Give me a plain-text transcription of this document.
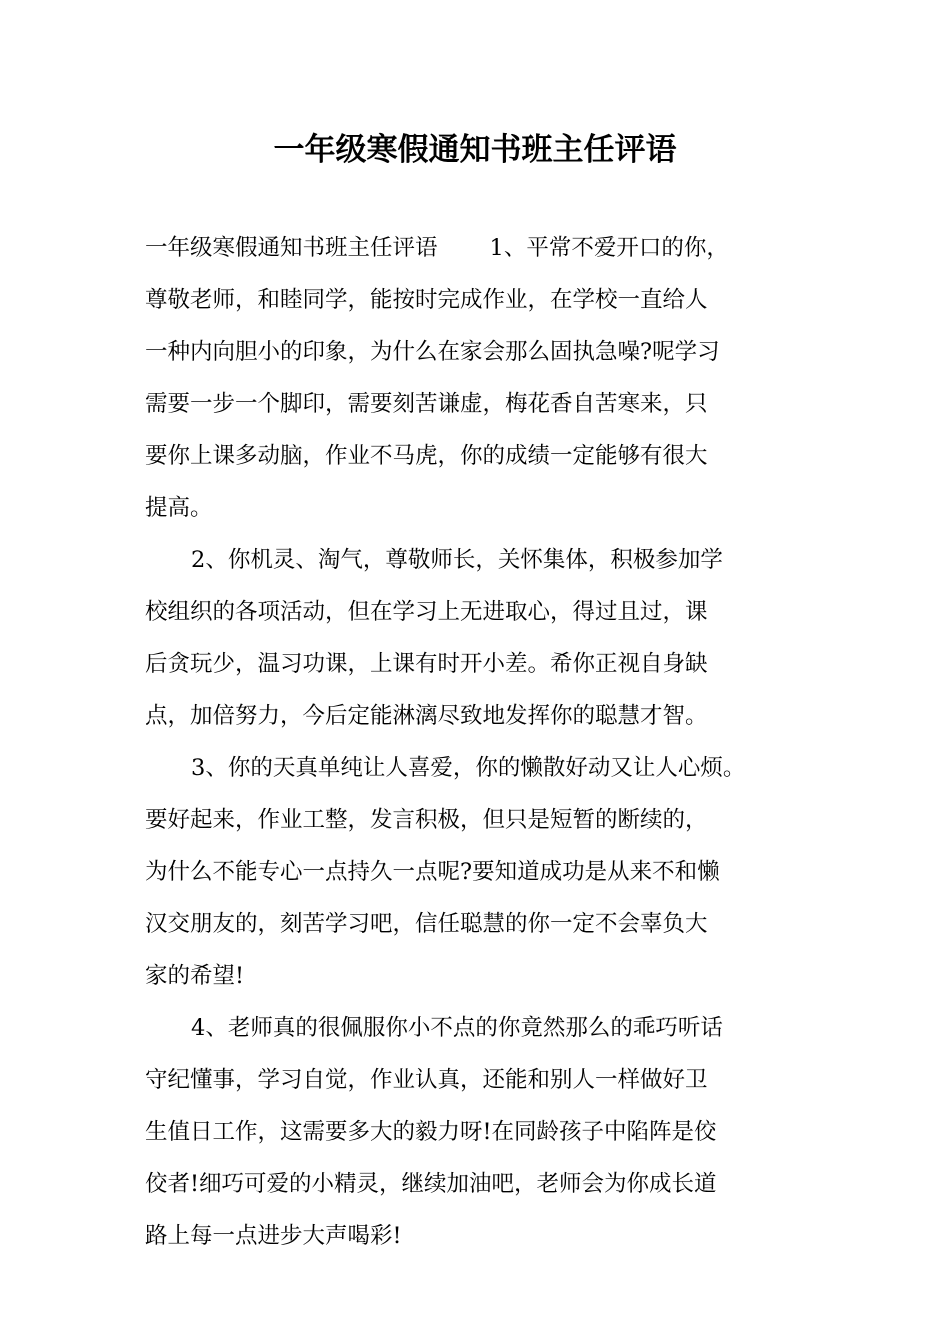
一年级寒假通知书班主任评语

一年级寒假通知书班主任评语 1、平常不爱开口的你，

尊敬老师，和睦同学，能按时完成作业，在学校一直给人

一种内向胆小的印象，为什么在家会那么固执急噪?呢学习

需要一步一个脚印，需要刻苦谦虚，梅花香自苦寒来，只

要你上课多动脑，作业不马虎，你的成绩一定能够有很大

提高。

2、你机灵、淘气，尊敬师长，关怀集体，积极参加学

校组织的各项活动，但在学习上无进取心，得过且过，课

后贪玩少，温习功课，上课有时开小差。希你正视自身缺

点，加倍努力，今后定能淋漓尽致地发挥你的聪慧才智。

3、你的天真单纯让人喜爱，你的懒散好动又让人心烦。

要好起来，作业工整，发言积极，但只是短暂的断续的，

为什么不能专心一点持久一点呢?要知道成功是从来不和懒

汉交朋友的，刻苦学习吧，信任聪慧的你一定不会辜负大

家的希望!

4、老师真的很佩服你小不点的你竟然那么的乖巧听话

守纪懂事，学习自觉，作业认真，还能和别人一样做好卫

生值日工作，这需要多大的毅力呀!在同龄孩子中陷阵是佼

佼者!细巧可爱的小精灵，继续加油吧，老师会为你成长道

路上每一点进步大声喝彩!
